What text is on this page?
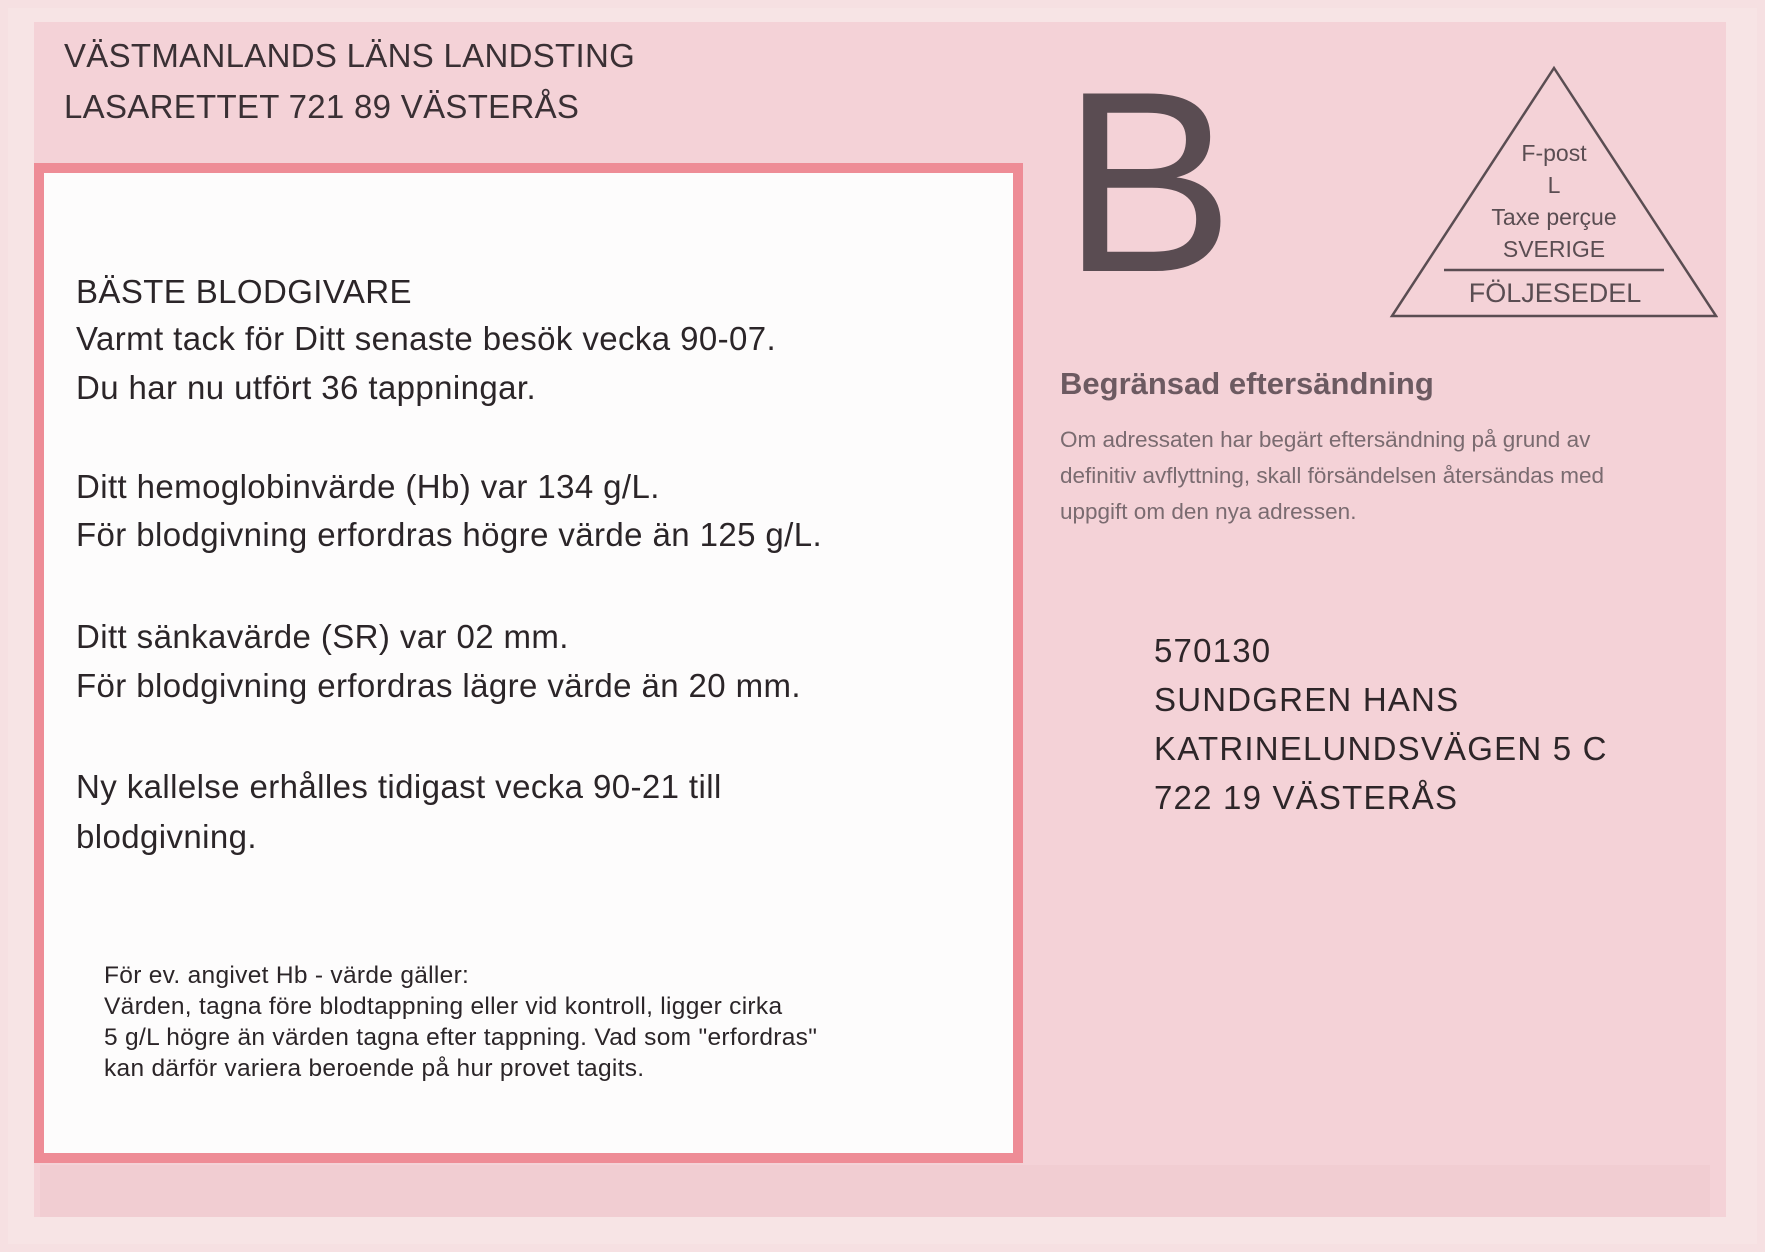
VÄSTMANLANDS LÄNS LANDSTING
LASARETTET 721 89 VÄSTERÅS
BÄSTE BLODGIVARE
Varmt tack för Ditt senaste besök vecka 90-07.
Du har nu utfört 36 tappningar.
Ditt hemoglobinvärde (Hb) var 134 g/L.
För blodgivning erfordras högre värde än 125 g/L.
Ditt sänkavärde (SR) var 02 mm.
För blodgivning erfordras lägre värde än 20 mm.
Ny kallelse erhålles tidigast vecka 90-21 till
blodgivning.
För ev. angivet Hb - värde gäller:
Värden, tagna före blodtappning eller vid kontroll, ligger cirka
5 g/L högre än värden tagna efter tappning. Vad som "erfordras"
kan därför variera beroende på hur provet tagits.
B	F-post
L
Taxe perçue
SVERIGE
FÖLJESEDEL
Begränsad eftersändning
Om adressaten har begärt eftersändning på grund av
definitiv avflyttning, skall försändelsen återsändas med
uppgift om den nya adressen.
570130
SUNDGREN HANS
KATRINELUNDSVÄGEN 5 C
722 19 VÄSTERÅS
